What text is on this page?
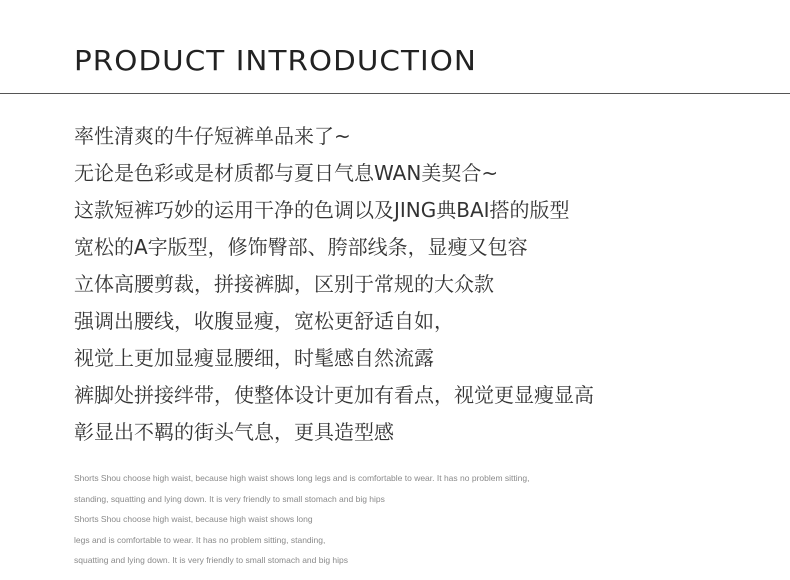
PRODUCT INTRODUCTION
率性清爽的牛仔短裤单品来了~
无论是色彩或是材质都与夏日气息WAN美契合~
这款短裤巧妙的运用干净的色调以及JING典BAI搭的版型
宽松的A字版型，修饰臀部、胯部线条，显瘦又包容
立体高腰剪裁，拼接裤脚，区别于常规的大众款
强调出腰线，收腹显瘦，宽松更舒适自如，
视觉上更加显瘦显腰细，时髦感自然流露
裤脚处拼接绊带，使整体设计更加有看点，视觉更显瘦显高
彰显出不羁的街头气息，更具造型感
Shorts Shou choose high waist, because high waist shows long legs and is comfortable to wear. It has no problem sitting,
standing, squatting and lying down. It is very friendly to small stomach and big hips
Shorts Shou choose high waist, because high waist shows long
legs and is comfortable to wear. It has no problem sitting, standing,
squatting and lying down. It is very friendly to small stomach and big hips
